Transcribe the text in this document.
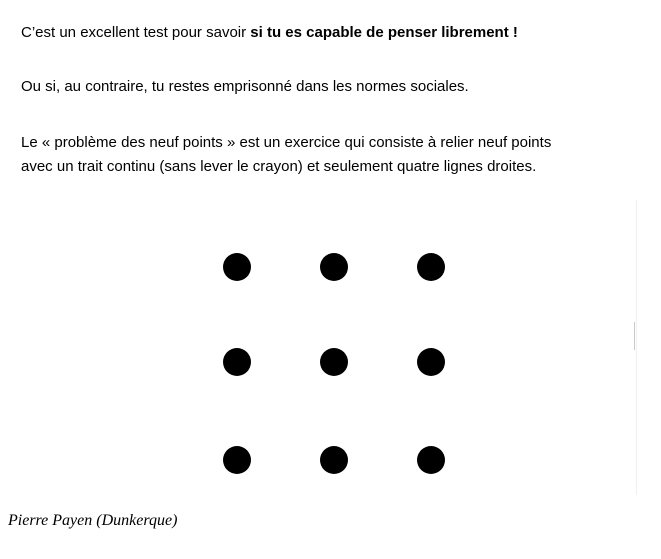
C’est un excellent test pour savoir si tu es capable de penser librement !
Ou si, au contraire, tu restes emprisonné dans les normes sociales.
Le « problème des neuf points » est un exercice qui consiste à relier neuf points
avec un trait continu (sans lever le crayon) et seulement quatre lignes droites.
Pierre Payen (Dunkerque)
